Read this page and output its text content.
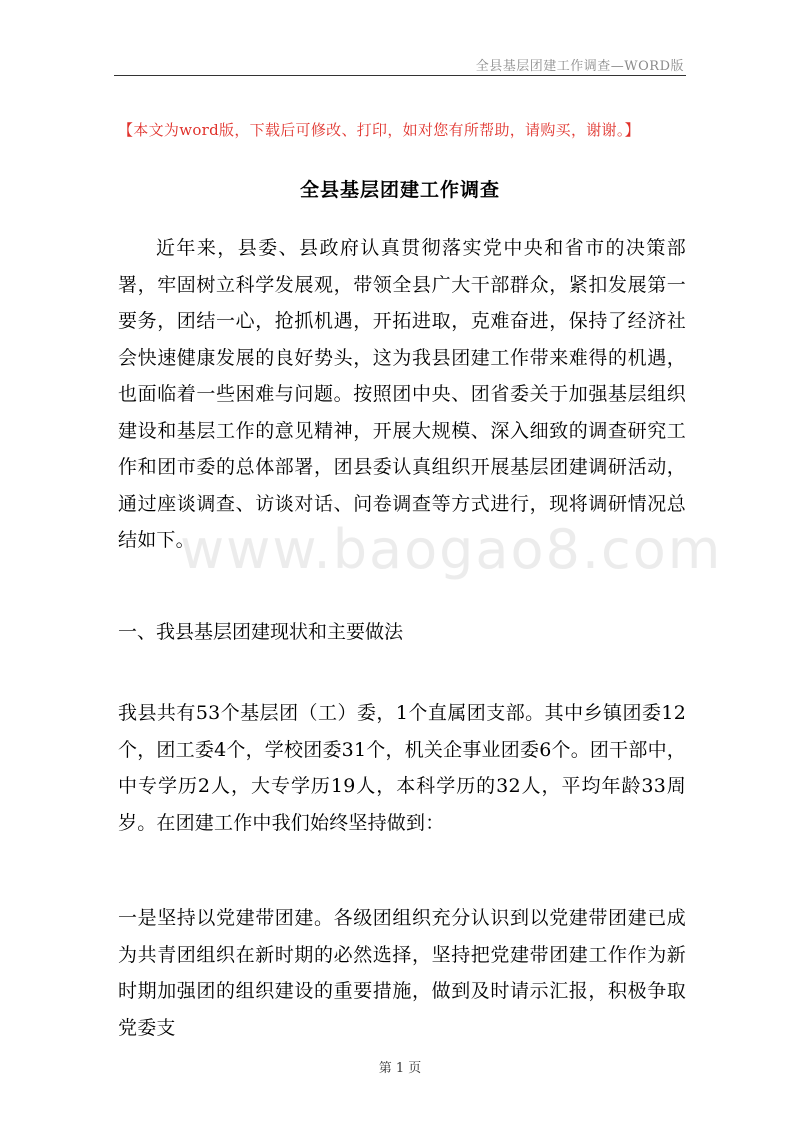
全县基层团建工作调查—WORD版
【本文为word版，下载后可修改、打印，如对您有所帮助，请购买，谢谢。】
全县基层团建工作调查
近年来，县委、县政府认真贯彻落实党中央和省市的决策部署，牢固树立科学发展观，带领全县广大干部群众，紧扣发展第一要务，团结一心，抢抓机遇，开拓进取，克难奋进，保持了经济社会快速健康发展的良好势头，这为我县团建工作带来难得的机遇，也面临着一些困难与问题。按照团中央、团省委关于加强基层组织建设和基层工作的意见精神，开展大规模、深入细致的调查研究工作和团市委的总体部署，团县委认真组织开展基层团建调研活动，通过座谈调查、访谈对话、问卷调查等方式进行，现将调研情况总结如下。
www.baogao8.com
一、我县基层团建现状和主要做法
我县共有53个基层团（工）委，1个直属团支部。其中乡镇团委12个，团工委4个，学校团委31个，机关企事业团委6个。团干部中，中专学历2人，大专学历19人，本科学历的32人，平均年龄33周岁。在团建工作中我们始终坚持做到：
一是坚持以党建带团建。各级团组织充分认识到以党建带团建已成为共青团组织在新时期的必然选择，坚持把党建带团建工作作为新时期加强团的组织建设的重要措施，做到及时请示汇报，积极争取党委支
第 1 页
